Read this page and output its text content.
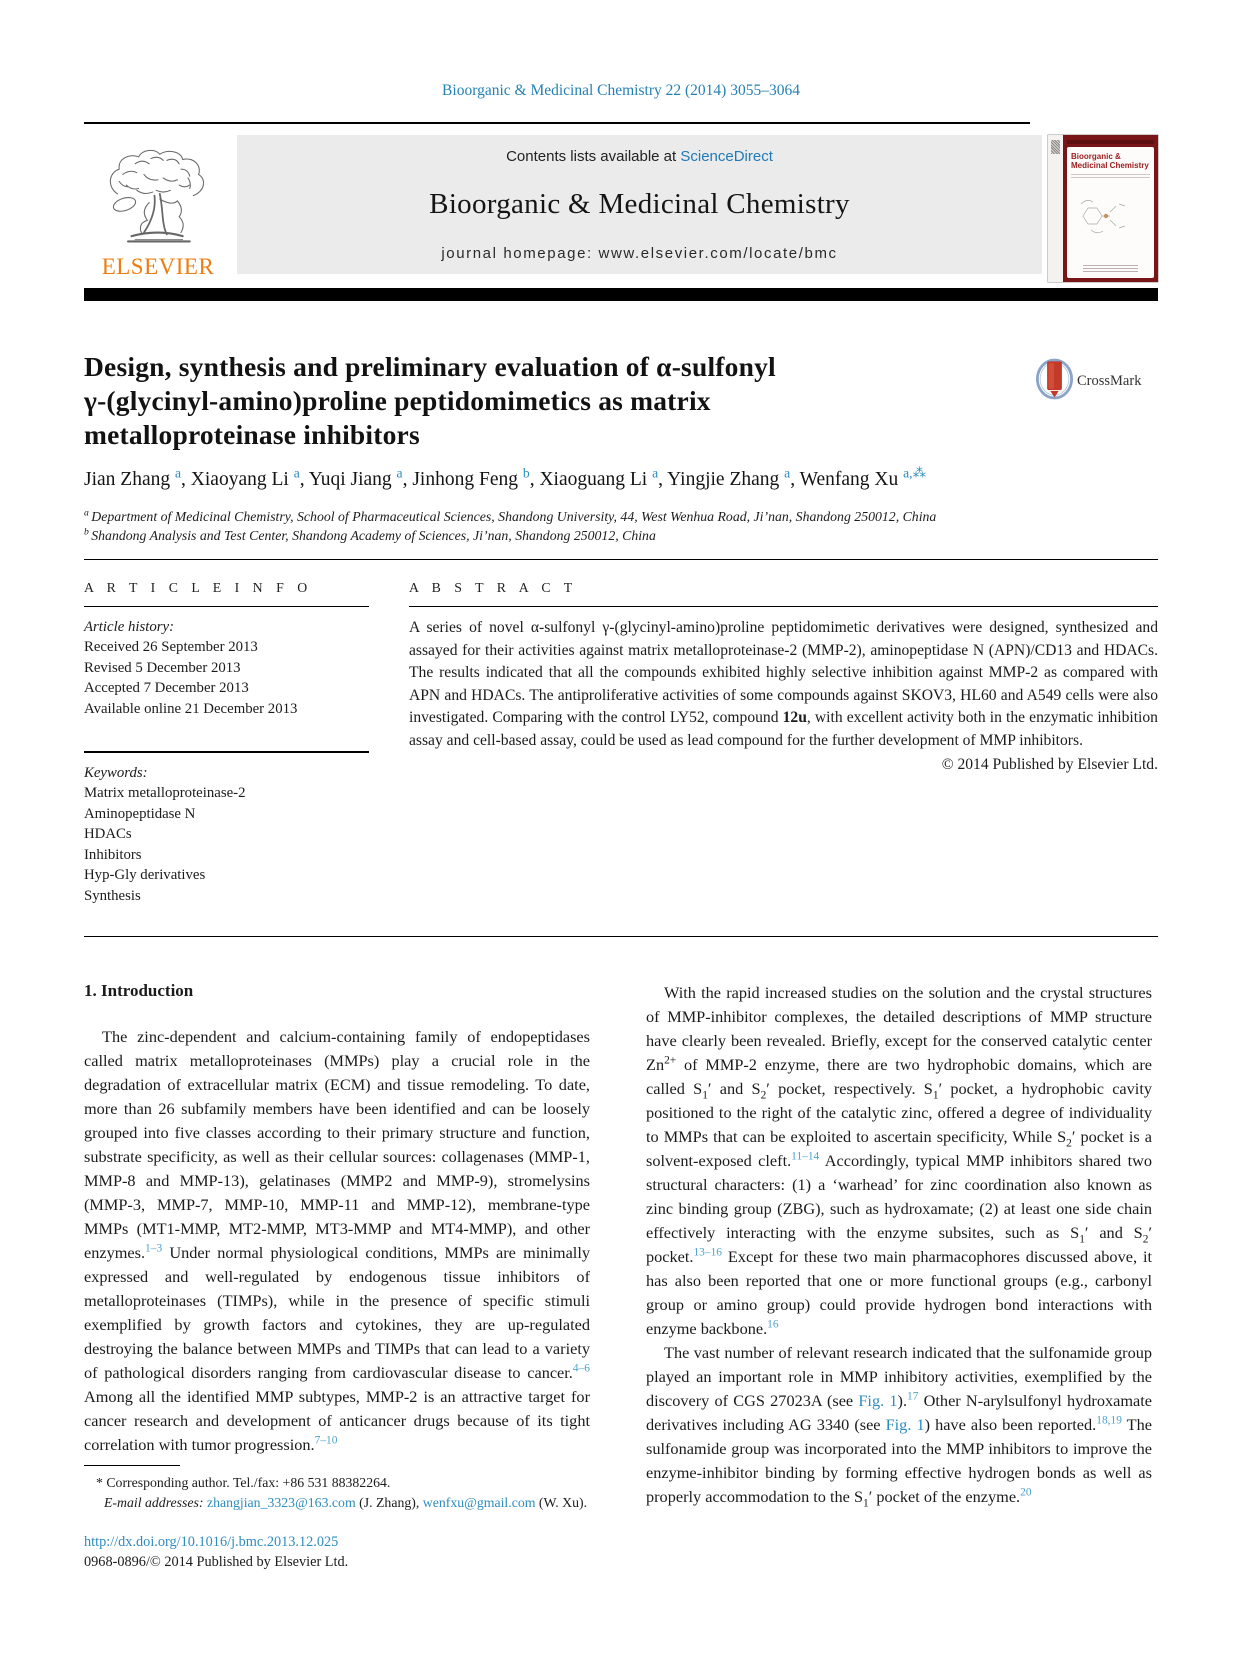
Bioorganic & Medicinal Chemistry 22 (2014) 3055–3064
ELSEVIER
Contents lists available at ScienceDirect
Bioorganic & Medicinal Chemistry
journal homepage: www.elsevier.com/locate/bmc
Bioorganic & Medicinal Chemistry
Design, synthesis and preliminary evaluation of α-sulfonyl
γ-(glycinyl-amino)proline peptidomimetics as matrix
metalloproteinase inhibitors
CrossMark
Jian Zhang $^a$, Xiaoyang Li $^a$, Yuqi Jiang $^a$, Jinhong Feng $^b$, Xiaoguang Li $^a$, Yingjie Zhang $^a$, Wenfang Xu $^{a,⁂}$
$^a$ Department of Medicinal Chemistry, School of Pharmaceutical Sciences, Shandong University, 44, West Wenhua Road, Ji’nan, Shandong 250012, China
$^b$ Shandong Analysis and Test Center, Shandong Academy of Sciences, Ji’nan, Shandong 250012, China
A R T I C L E I N F O
Article history:
Received 26 September 2013
Revised 5 December 2013
Accepted 7 December 2013
Available online 21 December 2013
Keywords:
Matrix metalloproteinase-2
Aminopeptidase N
HDACs
Inhibitors
Hyp-Gly derivatives
Synthesis
A B S T R A C T
A series of novel α-sulfonyl γ-(glycinyl-amino)proline peptidomimetic derivatives were designed, synthesized and assayed for their activities against matrix metalloproteinase-2 (MMP-2), aminopeptidase N (APN)/CD13 and HDACs. The results indicated that all the compounds exhibited highly selective inhibition against MMP-2 as compared with APN and HDACs. The antiproliferative activities of some compounds against SKOV3, HL60 and A549 cells were also investigated. Comparing with the control LY52, compound 12u, with excellent activity both in the enzymatic inhibition assay and cell-based assay, could be used as lead compound for the further development of MMP inhibitors.
© 2014 Published by Elsevier Ltd.
1. Introduction

The zinc-dependent and calcium-containing family of endopeptidases called matrix metalloproteinases (MMPs) play a crucial role in the degradation of extracellular matrix (ECM) and tissue remodeling. To date, more than 26 subfamily members have been identified and can be loosely grouped into five classes according to their primary structure and function, substrate specificity, as well as their cellular sources: collagenases (MMP-1, MMP-8 and MMP-13), gelatinases (MMP2 and MMP-9), stromelysins (MMP-3, MMP-7, MMP-10, MMP-11 and MMP-12), membrane-type MMPs (MT1-MMP, MT2-MMP, MT3-MMP and MT4-MMP), and other enzymes.$^{1-3}$ Under normal physiological conditions, MMPs are minimally expressed and well-regulated by endogenous tissue inhibitors of metalloproteinases (TIMPs), while in the presence of specific stimuli exemplified by growth factors and cytokines, they are up-regulated destroying the balance between MMPs and TIMPs that can lead to a variety of pathological disorders ranging from cardiovascular disease to cancer.$^{4-6}$ Among all the identified MMP subtypes, MMP-2 is an attractive target for cancer research and development of anticancer drugs because of its tight correlation with tumor progression.$^{7-10}$

* Corresponding author. Tel./fax: +86 531 88382264.
E-mail addresses: zhangjian_3323@163.com (J. Zhang), wenfxu@gmail.com (W. Xu).
http://dx.doi.org/10.1016/j.bmc.2013.12.025
0968-0896/© 2014 Published by Elsevier Ltd.

With the rapid increased studies on the solution and the crystal structures of MMP-inhibitor complexes, the detailed descriptions of MMP structure have clearly been revealed. Briefly, except for the conserved catalytic center $Zn^{2+}$ of MMP-2 enzyme, there are two hydrophobic domains, which are called $S_1'$ and $S_2'$ pocket, respectively. $S_1'$ pocket, a hydrophobic cavity positioned to the right of the catalytic zinc, offered a degree of individuality to MMPs that can be exploited to ascertain specificity, While $S_2'$ pocket is a solvent-exposed cleft.$^{11-14}$ Accordingly, typical MMP inhibitors shared two structural characters: (1) a ‘warhead’ for zinc coordination also known as zinc binding group (ZBG), such as hydroxamate; (2) at least one side chain effectively interacting with the enzyme subsites, such as $S_1'$ and $S_2'$ pocket.$^{13-16}$ Except for these two main pharmacophores discussed above, it has also been reported that one or more functional groups (e.g., carbonyl group or amino group) could provide hydrogen bond interactions with enzyme backbone.$^{16}$

The vast number of relevant research indicated that the sulfonamide group played an important role in MMP inhibitory activities, exemplified by the discovery of CGS 27023A (see Fig. 1).$^{17}$ Other N-arylsulfonyl hydroxamate derivatives including AG 3340 (see Fig. 1) have also been reported.$^{18,19}$ The sulfonamide group was incorporated into the MMP inhibitors to improve the enzyme-inhibitor binding by forming effective hydrogen bonds as well as properly accommodation to the $S_1'$ pocket of the enzyme.$^{20}$
